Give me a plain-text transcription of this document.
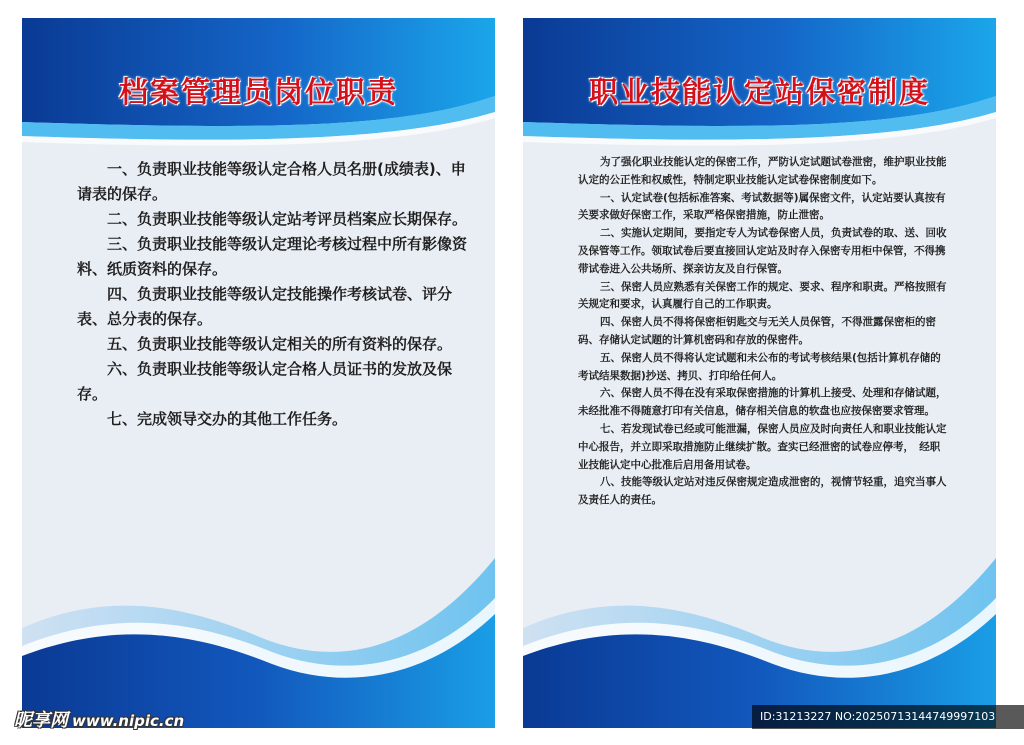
档案管理员岗位职责

一、负责职业技能等级认定合格人员名册(成绩表)、申请表的保存。

二、负责职业技能等级认定站考评员档案应长期保存。

三、负责职业技能等级认定理论考核过程中所有影像资料、纸质资料的保存。

四、负责职业技能等级认定技能操作考核试卷、评分表、总分表的保存。

五、负责职业技能等级认定相关的所有资料的保存。

六、负责职业技能等级认定合格人员证书的发放及保存。

七、完成领导交办的其他工作任务。

职业技能认定站保密制度

为了强化职业技能认定的保密工作，严防认定试题试卷泄密，维护职业技能认定的公正性和权威性，特制定职业技能认定试卷保密制度如下。

一、认定试卷(包括标准答案、考试数据等)属保密文件，认定站要认真按有关要求做好保密工作，采取严格保密措施，防止泄密。

二、实施认定期间，要指定专人为试卷保密人员，负责试卷的取、送、回收及保管等工作。领取试卷后要直接回认定站及时存入保密专用柜中保管，不得携带试卷进入公共场所、探亲访友及自行保管。

三、保密人员应熟悉有关保密工作的规定、要求、程序和职责。严格按照有关规定和要求，认真履行自己的工作职责。

四、保密人员不得将保密柜钥匙交与无关人员保管，不得泄露保密柜的密码、存储认定试题的计算机密码和存放的保密件。

五、保密人员不得将认定试题和未公布的考试考核结果(包括计算机存储的考试结果数据)抄送、拷贝、打印给任何人。

六、保密人员不得在没有采取保密措施的计算机上接受、处理和存储试题，未经批准不得随意打印有关信息，储存相关信息的软盘也应按保密要求管理。

七、若发现试卷已经或可能泄漏，保密人员应及时向责任人和职业技能认定中心报告，并立即采取措施防止继续扩散。查实已经泄密的试卷应停考，　经职业技能认定中心批准后启用备用试卷。

八、技能等级认定站对违反保密规定造成泄密的，视情节轻重，追究当事人及责任人的责任。

昵享网 www.nipic.cn	ID:31213227 NO:20250713144749997103
